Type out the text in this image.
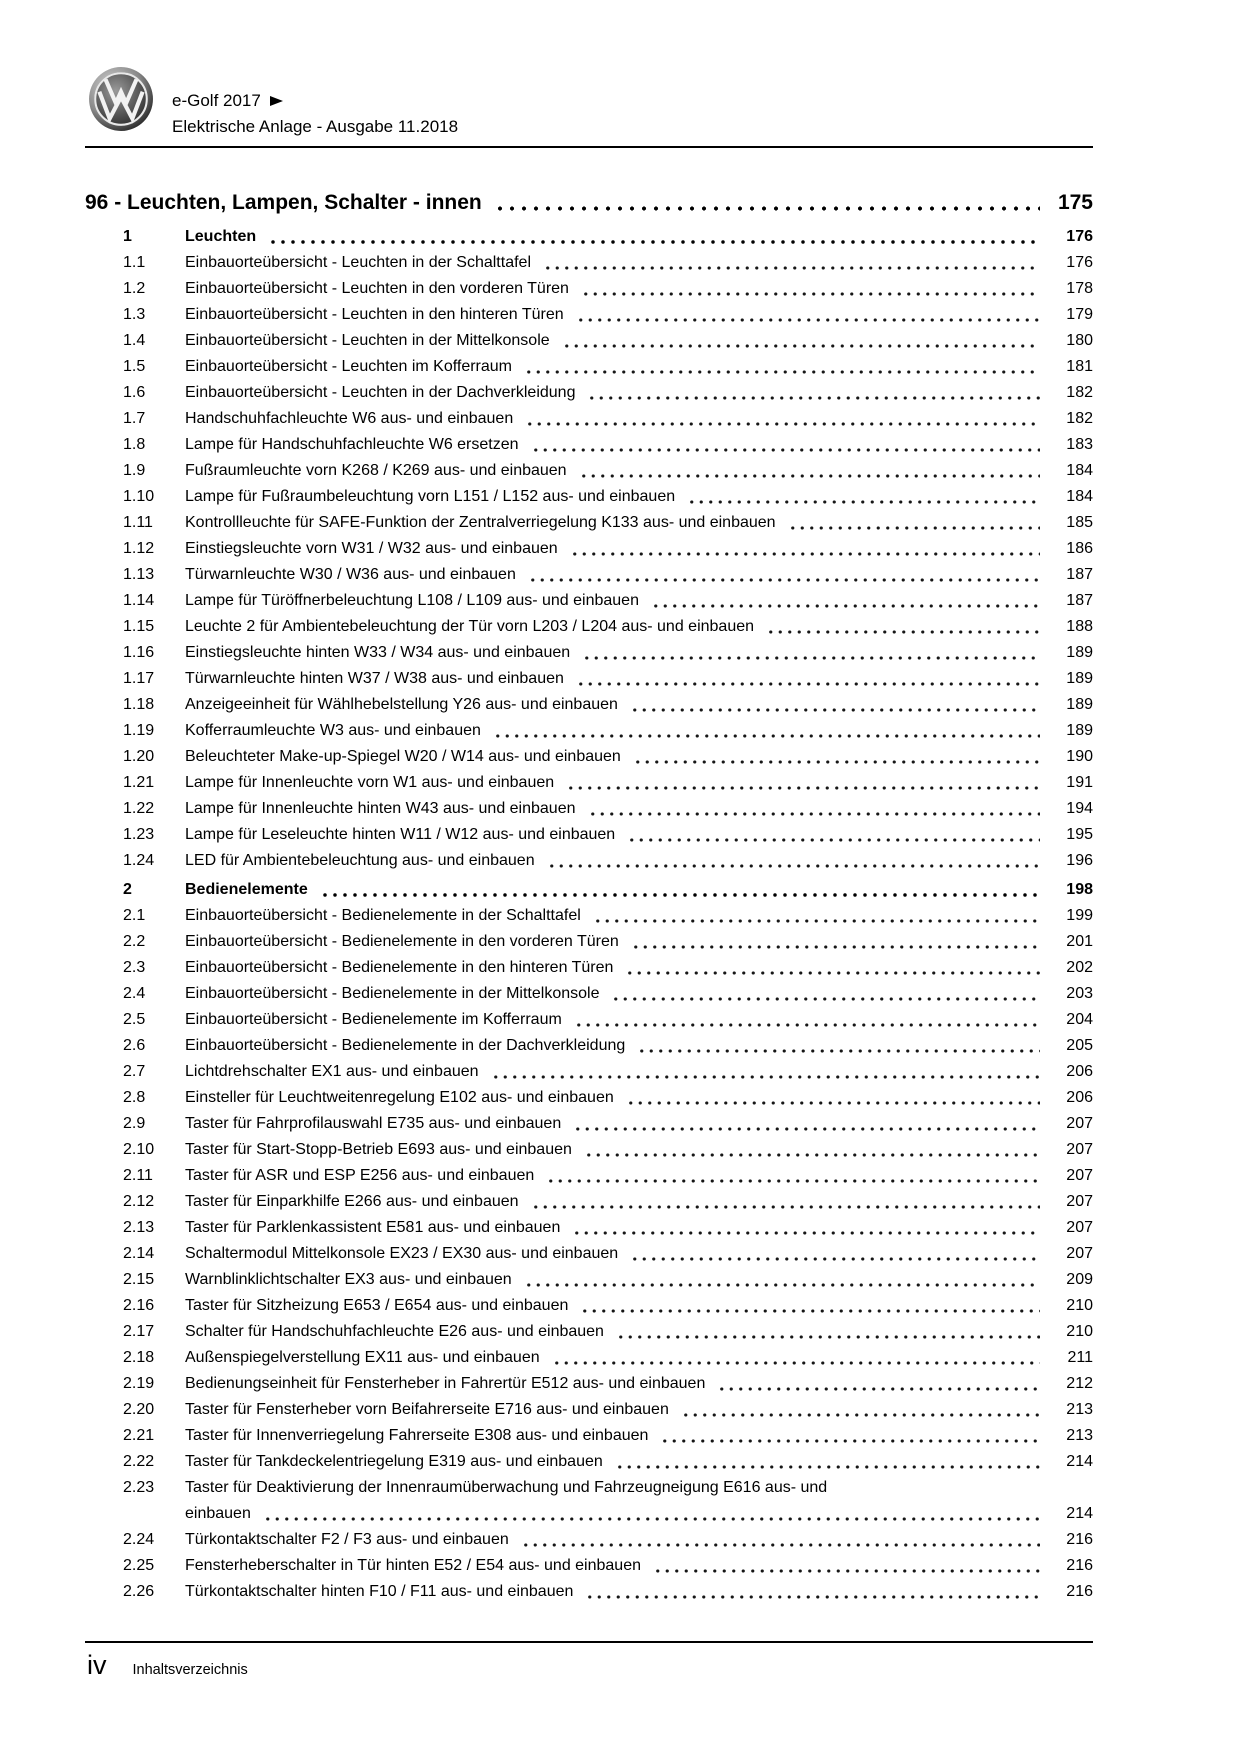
e-Golf 2017
Elektrische Anlage - Ausgabe 11.2018
96 - Leuchten, Lampen, Schalter - innen	175
1	Leuchten	176
1.1	Einbauorteübersicht - Leuchten in der Schalttafel	176
1.2	Einbauorteübersicht - Leuchten in den vorderen Türen	178
1.3	Einbauorteübersicht - Leuchten in den hinteren Türen	179
1.4	Einbauorteübersicht - Leuchten in der Mittelkonsole	180
1.5	Einbauorteübersicht - Leuchten im Kofferraum	181
1.6	Einbauorteübersicht - Leuchten in der Dachverkleidung	182
1.7	Handschuhfachleuchte W6 aus- und einbauen	182
1.8	Lampe für Handschuhfachleuchte W6 ersetzen	183
1.9	Fußraumleuchte vorn K268 / K269 aus- und einbauen	184
1.10	Lampe für Fußraumbeleuchtung vorn L151 / L152 aus- und einbauen	184
1.11	Kontrollleuchte für SAFE-Funktion der Zentralverriegelung K133 aus- und einbauen	185
1.12	Einstiegsleuchte vorn W31 / W32 aus- und einbauen	186
1.13	Türwarnleuchte W30 / W36 aus- und einbauen	187
1.14	Lampe für Türöffnerbeleuchtung L108 / L109 aus- und einbauen	187
1.15	Leuchte 2 für Ambientebeleuchtung der Tür vorn L203 / L204 aus- und einbauen	188
1.16	Einstiegsleuchte hinten W33 / W34 aus- und einbauen	189
1.17	Türwarnleuchte hinten W37 / W38 aus- und einbauen	189
1.18	Anzeigeeinheit für Wählhebelstellung Y26 aus- und einbauen	189
1.19	Kofferraumleuchte W3 aus- und einbauen	189
1.20	Beleuchteter Make-up-Spiegel W20 / W14 aus- und einbauen	190
1.21	Lampe für Innenleuchte vorn W1 aus- und einbauen	191
1.22	Lampe für Innenleuchte hinten W43 aus- und einbauen	194
1.23	Lampe für Leseleuchte hinten W11 / W12 aus- und einbauen	195
1.24	LED für Ambientebeleuchtung aus- und einbauen	196
2	Bedienelemente	198
2.1	Einbauorteübersicht - Bedienelemente in der Schalttafel	199
2.2	Einbauorteübersicht - Bedienelemente in den vorderen Türen	201
2.3	Einbauorteübersicht - Bedienelemente in den hinteren Türen	202
2.4	Einbauorteübersicht - Bedienelemente in der Mittelkonsole	203
2.5	Einbauorteübersicht - Bedienelemente im Kofferraum	204
2.6	Einbauorteübersicht - Bedienelemente in der Dachverkleidung	205
2.7	Lichtdrehschalter EX1 aus- und einbauen	206
2.8	Einsteller für Leuchtweitenregelung E102 aus- und einbauen	206
2.9	Taster für Fahrprofilauswahl E735 aus- und einbauen	207
2.10	Taster für Start-Stopp-Betrieb E693 aus- und einbauen	207
2.11	Taster für ASR und ESP E256 aus- und einbauen	207
2.12	Taster für Einparkhilfe E266 aus- und einbauen	207
2.13	Taster für Parklenkassistent E581 aus- und einbauen	207
2.14	Schaltermodul Mittelkonsole EX23 / EX30 aus- und einbauen	207
2.15	Warnblinklichtschalter EX3 aus- und einbauen	209
2.16	Taster für Sitzheizung E653 / E654 aus- und einbauen	210
2.17	Schalter für Handschuhfachleuchte E26 aus- und einbauen	210
2.18	Außenspiegelverstellung EX11 aus- und einbauen	211
2.19	Bedienungseinheit für Fensterheber in Fahrertür E512 aus- und einbauen	212
2.20	Taster für Fensterheber vorn Beifahrerseite E716 aus- und einbauen	213
2.21	Taster für Innenverriegelung Fahrerseite E308 aus- und einbauen	213
2.22	Taster für Tankdeckelentriegelung E319 aus- und einbauen	214
2.23	Taster für Deaktivierung der Innenraumüberwachung und Fahrzeugneigung E616 aus- und
einbauen	214
2.24	Türkontaktschalter F2 / F3 aus- und einbauen	216
2.25	Fensterheberschalter in Tür hinten E52 / E54 aus- und einbauen	216
2.26	Türkontaktschalter hinten F10 / F11 aus- und einbauen	216
iv Inhaltsverzeichnis
